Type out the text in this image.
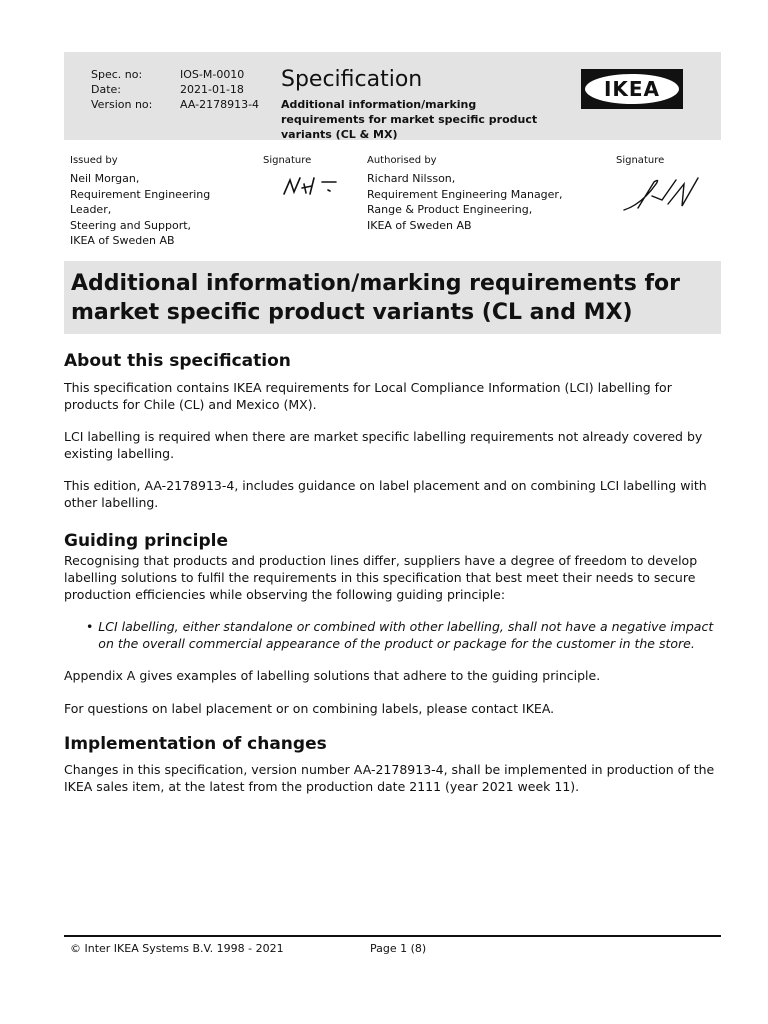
Spec. no:	IOS-M-0010
Date:	2021-01-18
Version no:	AA-2178913-4
Specification
Additional information/marking requirements for market specific product variants (CL & MX)
IKEA
Issued by	Signature	Authorised by	Signature
Neil Morgan,
Requirement Engineering
Leader,
Steering and Support,
IKEA of Sweden AB
Richard Nilsson,
Requirement Engineering Manager,
Range & Product Engineering,
IKEA of Sweden AB
Additional information/marking requirements for market specific product variants (CL and MX)
About this specification

This specification contains IKEA requirements for Local Compliance Information (LCI) labelling for products for Chile (CL) and Mexico (MX).

LCI labelling is required when there are market specific labelling requirements not already covered by existing labelling.

This edition, AA-2178913-4, includes guidance on label placement and on combining LCI labelling with other labelling.

Guiding principle

Recognising that products and production lines differ, suppliers have a degree of freedom to develop labelling solutions to fulfil the requirements in this specification that best meet their needs to secure production efficiencies while observing the following guiding principle:

• LCI labelling, either standalone or combined with other labelling, shall not have a negative impact on the overall commercial appearance of the product or package for the customer in the store.

Appendix A gives examples of labelling solutions that adhere to the guiding principle.

For questions on label placement or on combining labels, please contact IKEA.

Implementation of changes

Changes in this specification, version number AA-2178913-4, shall be implemented in production of the IKEA sales item, at the latest from the production date 2111 (year 2021 week 11).

© Inter IKEA Systems B.V. 1998 - 2021	Page 1 (8)
